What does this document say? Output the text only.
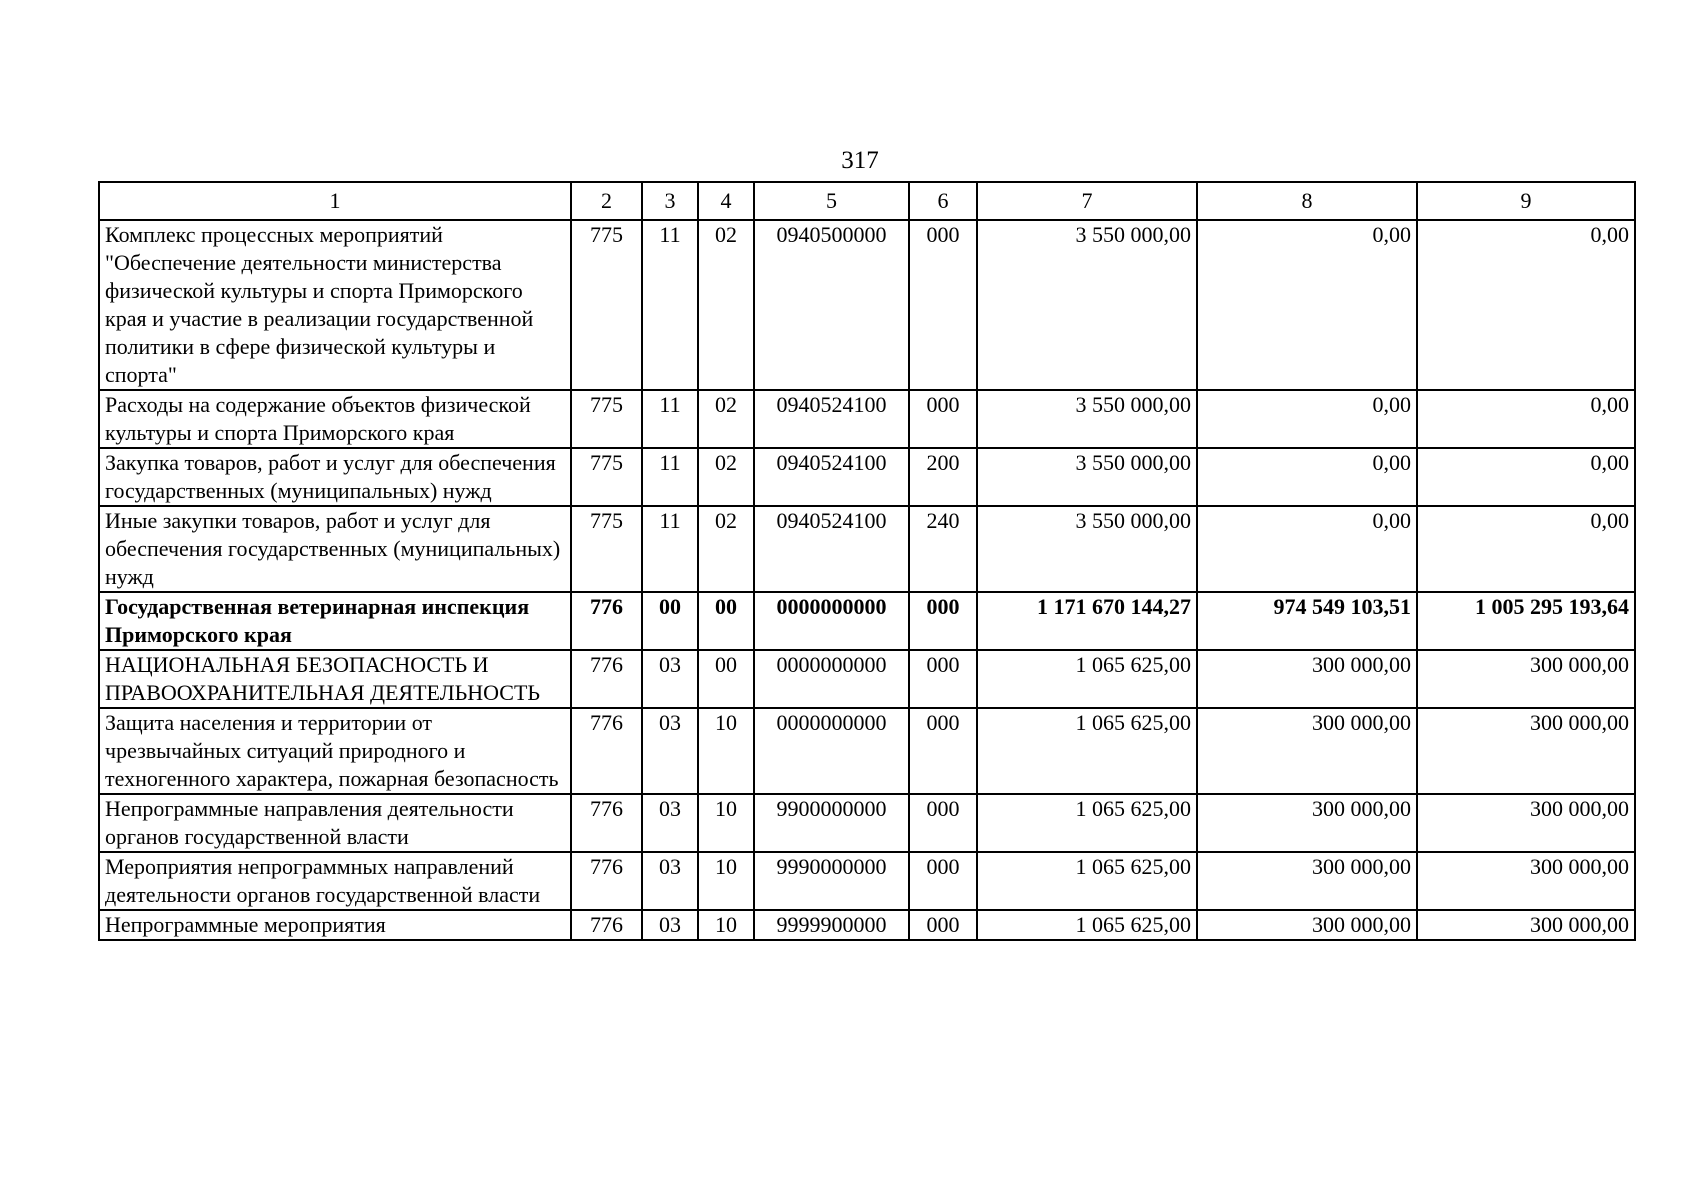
317
1	2	3	4	5	6	7	8	9
Комплекс процессных мероприятий "Обеспечение деятельности министерства физической культуры и спорта Приморского края и участие в реализации государственной политики в сфере физической культуры и спорта"	775	11	02	0940500000	000	3 550 000,00	0,00	0,00
Расходы на содержание объектов физической культуры и спорта Приморского края	775	11	02	0940524100	000	3 550 000,00	0,00	0,00
Закупка товаров, работ и услуг для обеспечения государственных (муниципальных) нужд	775	11	02	0940524100	200	3 550 000,00	0,00	0,00
Иные закупки товаров, работ и услуг для обеспечения государственных (муниципальных) нужд	775	11	02	0940524100	240	3 550 000,00	0,00	0,00
Государственная ветеринарная инспекция Приморского края	776	00	00	0000000000	000	1 171 670 144,27	974 549 103,51	1 005 295 193,64
НАЦИОНАЛЬНАЯ БЕЗОПАСНОСТЬ И ПРАВООХРАНИТЕЛЬНАЯ ДЕЯТЕЛЬНОСТЬ	776	03	00	0000000000	000	1 065 625,00	300 000,00	300 000,00
Защита населения и территории от чрезвычайных ситуаций природного и техногенного характера, пожарная безопасность	776	03	10	0000000000	000	1 065 625,00	300 000,00	300 000,00
Непрограммные направления деятельности органов государственной власти	776	03	10	9900000000	000	1 065 625,00	300 000,00	300 000,00
Мероприятия непрограммных направлений деятельности органов государственной власти	776	03	10	9990000000	000	1 065 625,00	300 000,00	300 000,00
Непрограммные мероприятия	776	03	10	9999900000	000	1 065 625,00	300 000,00	300 000,00
